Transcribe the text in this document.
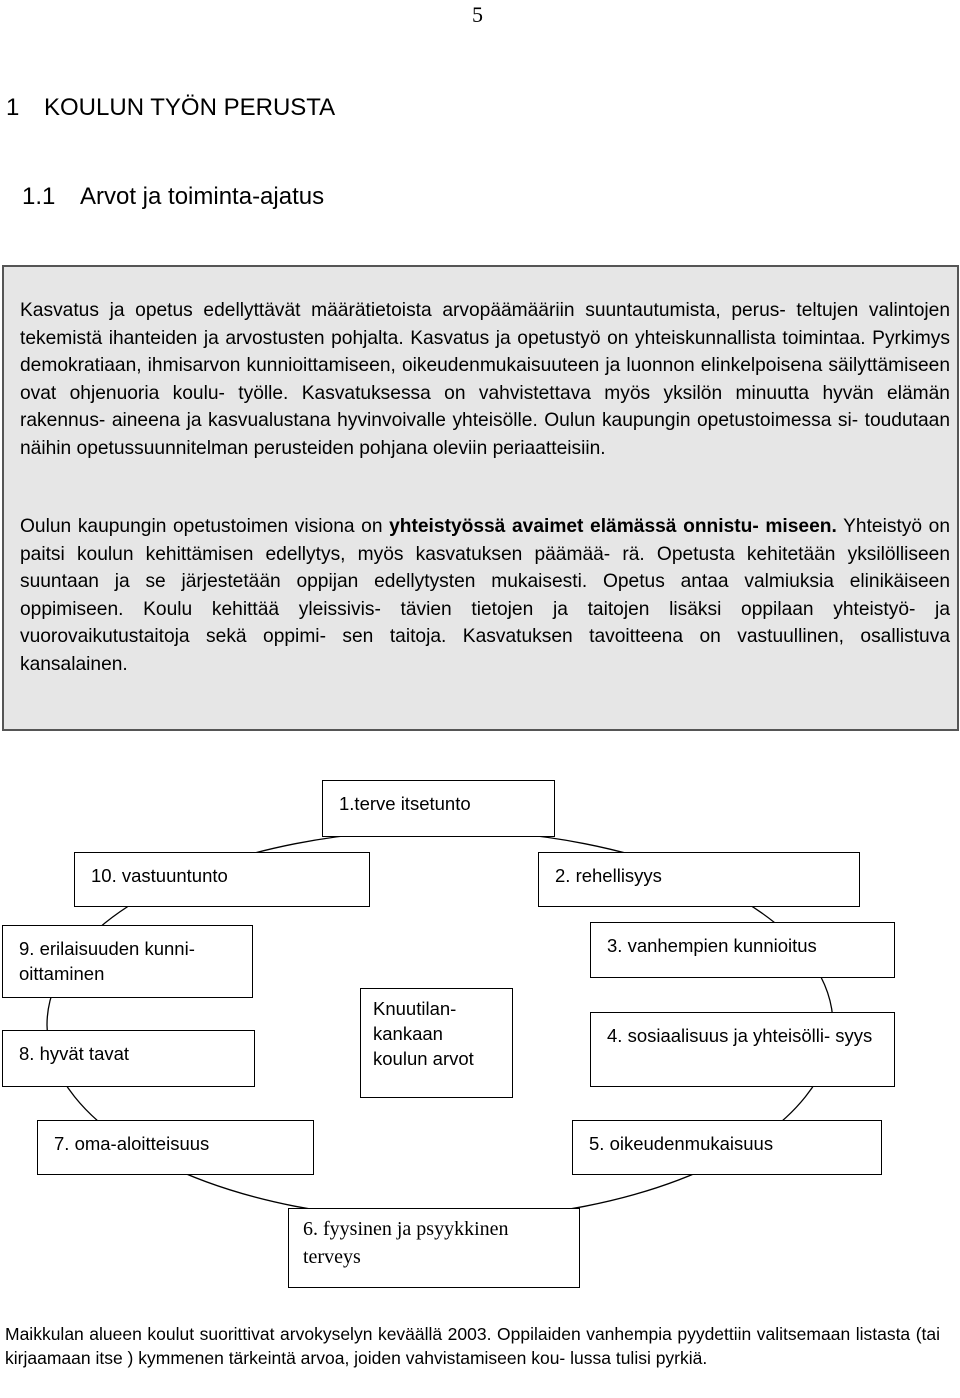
5
1 KOULUN TYÖN PERUSTA
1.1 Arvot ja toiminta-ajatus

Kasvatus ja opetus edellyttävät määrätietoista arvopäämääriin suuntautumista, perus- teltujen valintojen tekemistä ihanteiden ja arvostusten pohjalta. Kasvatus ja opetustyö on yhteiskunnallista toimintaa. Pyrkimys demokratiaan, ihmisarvon kunnioittamiseen, oikeudenmukaisuuteen ja luonnon elinkelpoisena säilyttämiseen ovat ohjenuoria koulu- työlle. Kasvatuksessa on vahvistettava myös yksilön minuutta hyvän elämän rakennus- aineena ja kasvualustana hyvinvoivalle yhteisölle. Oulun kaupungin opetustoimessa si- toudutaan näihin opetussuunnitelman perusteiden pohjana oleviin periaatteisiin.

Oulun kaupungin opetustoimen visiona on yhteistyössä avaimet elämässä onnistu- miseen. Yhteistyö on paitsi koulun kehittämisen edellytys, myös kasvatuksen päämää- rä. Opetusta kehitetään yksilölliseen suuntaan ja se järjestetään oppijan edellytysten mukaisesti. Opetus antaa valmiuksia elinikäiseen oppimiseen. Koulu kehittää yleissivis- tävien tietojen ja taitojen lisäksi oppilaan yhteistyö- ja vuorovaikutustaitoja sekä oppimi- sen taitoja. Kasvatuksen tavoitteena on vastuullinen, osallistuva kansalainen.

1.terve itsetunto
2. rehellisyys
3. vanhempien kunnioitus
4. sosiaalisuus ja yhteisölli- syys
5. oikeudenmukaisuus
6. fyysinen ja psyykkinen terveys
7. oma-aloitteisuus
8. hyvät tavat
9. erilaisuuden kunni- oittaminen
10. vastuuntunto
Knuutilan- kankaan koulun arvot

Maikkulan alueen koulut suorittivat arvokyselyn keväällä 2003. Oppilaiden vanhempia pyydettiin valitsemaan listasta (tai kirjaamaan itse ) kymmenen tärkeintä arvoa, joiden vahvistamiseen kou- lussa tulisi pyrkiä.
